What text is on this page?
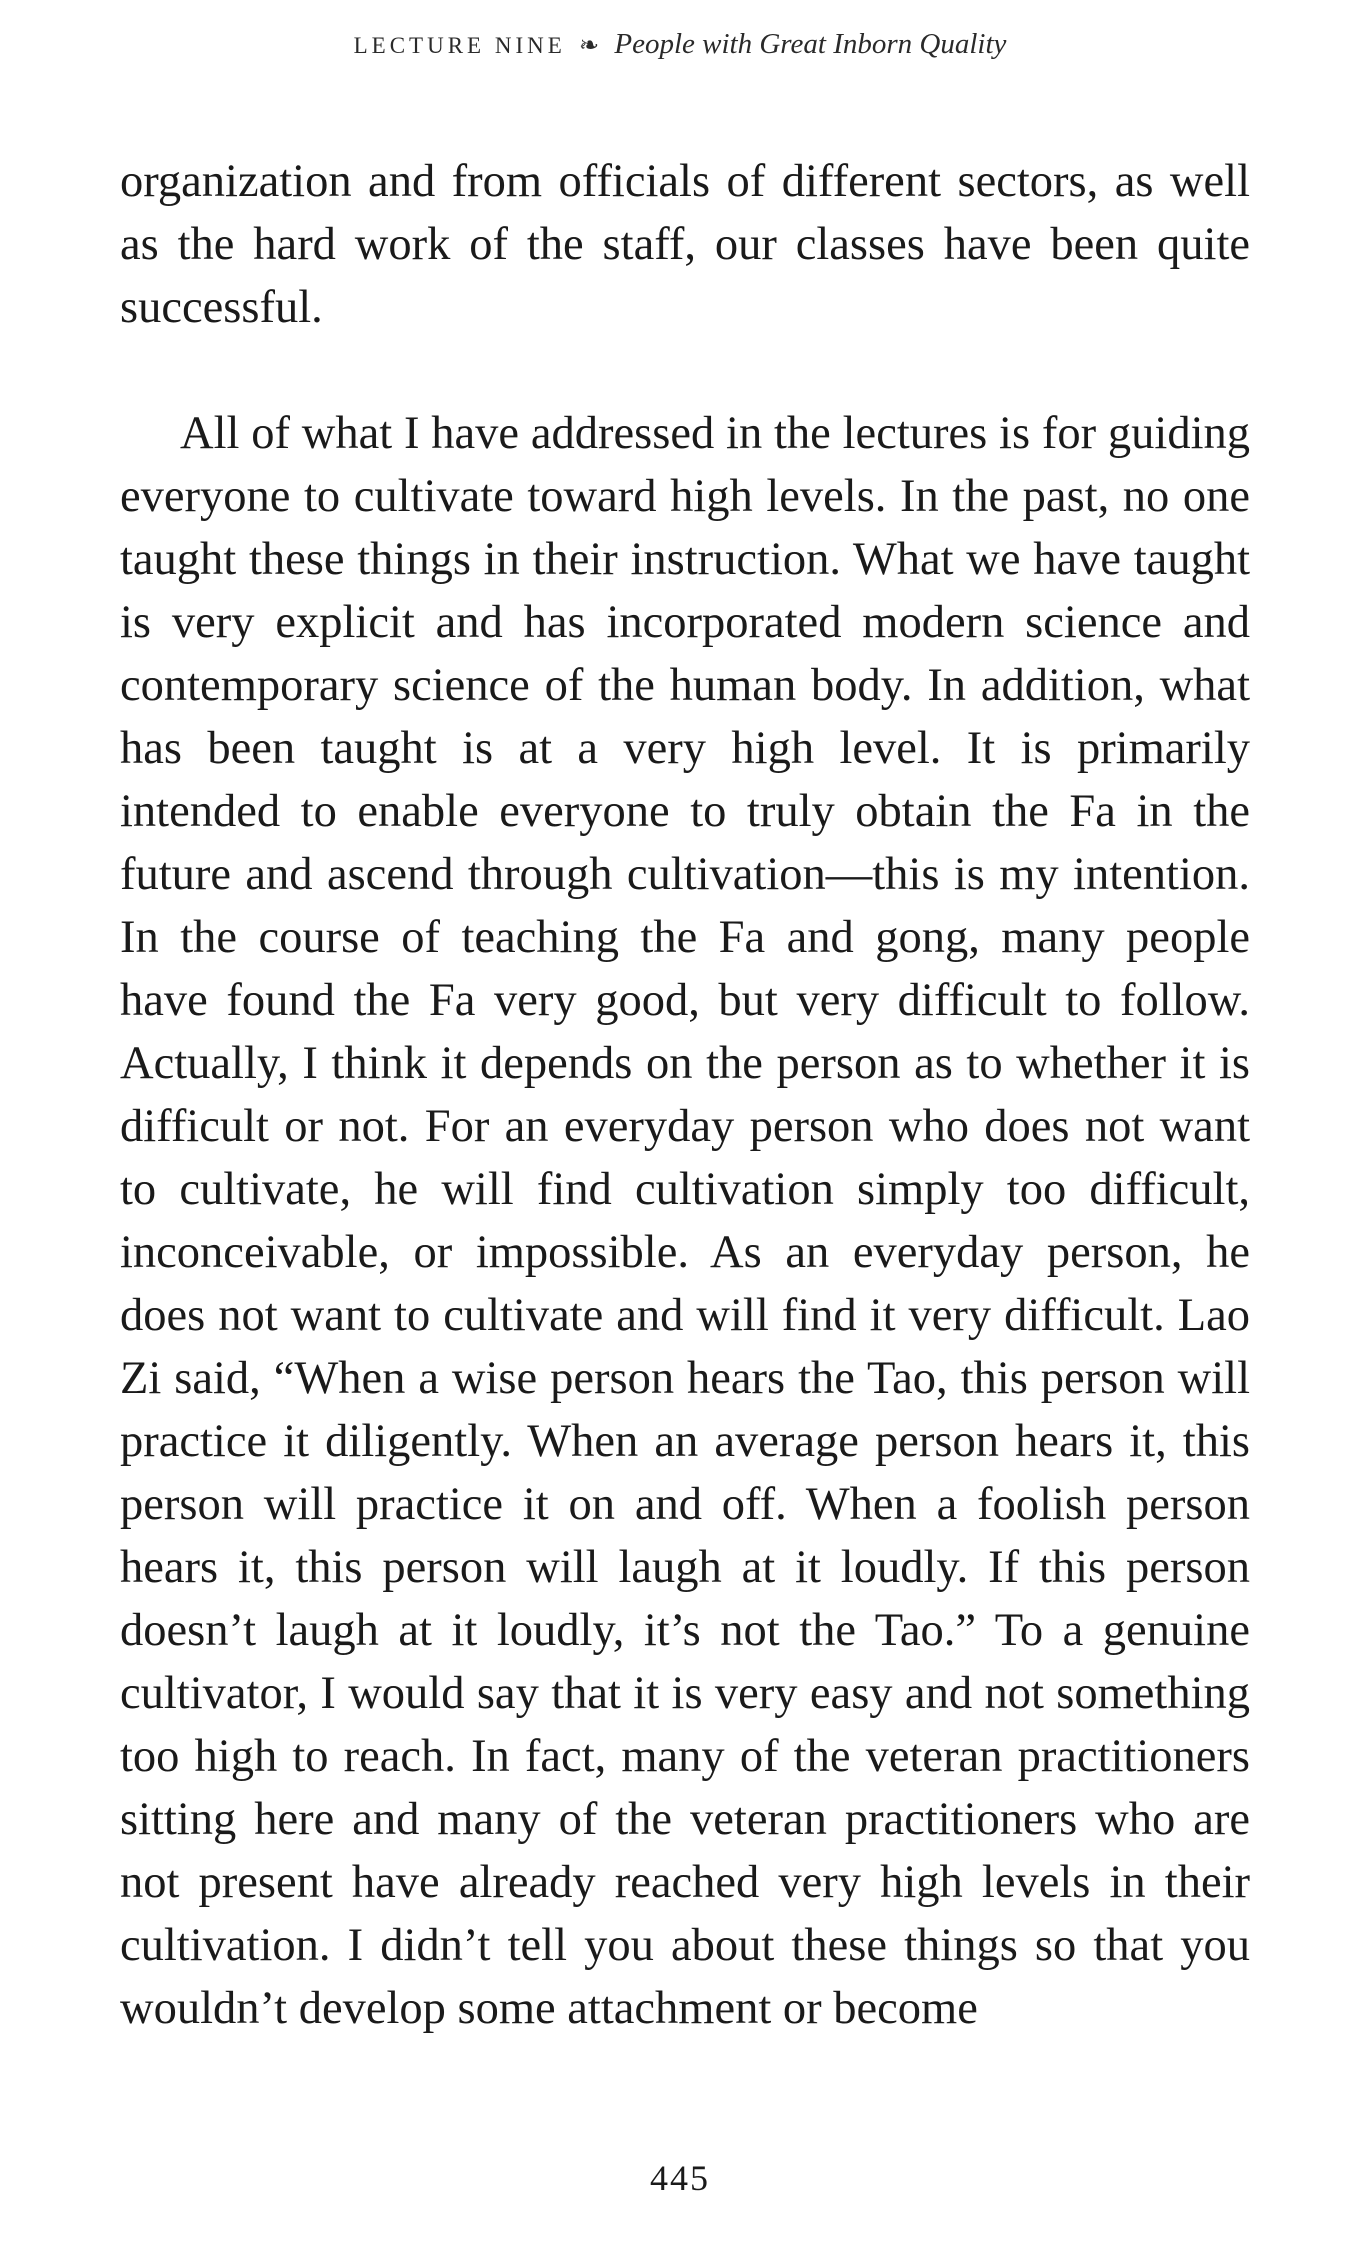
LECTURE NINE ❧ People with Great Inborn Quality

organization and from officials of different sectors, as well as the hard work of the staff, our classes have been quite successful.

All of what I have addressed in the lectures is for guiding everyone to cultivate toward high levels. In the past, no one taught these things in their instruction. What we have taught is very explicit and has incorporated modern science and contemporary science of the human body. In addition, what has been taught is at a very high level. It is primarily intended to enable everyone to truly obtain the Fa in the future and ascend through cultivation—this is my intention. In the course of teaching the Fa and gong, many people have found the Fa very good, but very difficult to follow. Actually, I think it depends on the person as to whether it is difficult or not. For an everyday person who does not want to cultivate, he will find cultivation simply too difficult, inconceivable, or impossible. As an everyday person, he does not want to cultivate and will find it very difficult. Lao Zi said, “When a wise person hears the Tao, this person will practice it diligently. When an average person hears it, this person will practice it on and off. When a foolish person hears it, this person will laugh at it loudly. If this person doesn’t laugh at it loudly, it’s not the Tao.” To a genuine cultivator, I would say that it is very easy and not something too high to reach. In fact, many of the veteran practitioners sitting here and many of the veteran practitioners who are not present have already reached very high levels in their cultivation. I didn’t tell you about these things so that you wouldn’t develop some attachment or become

445
